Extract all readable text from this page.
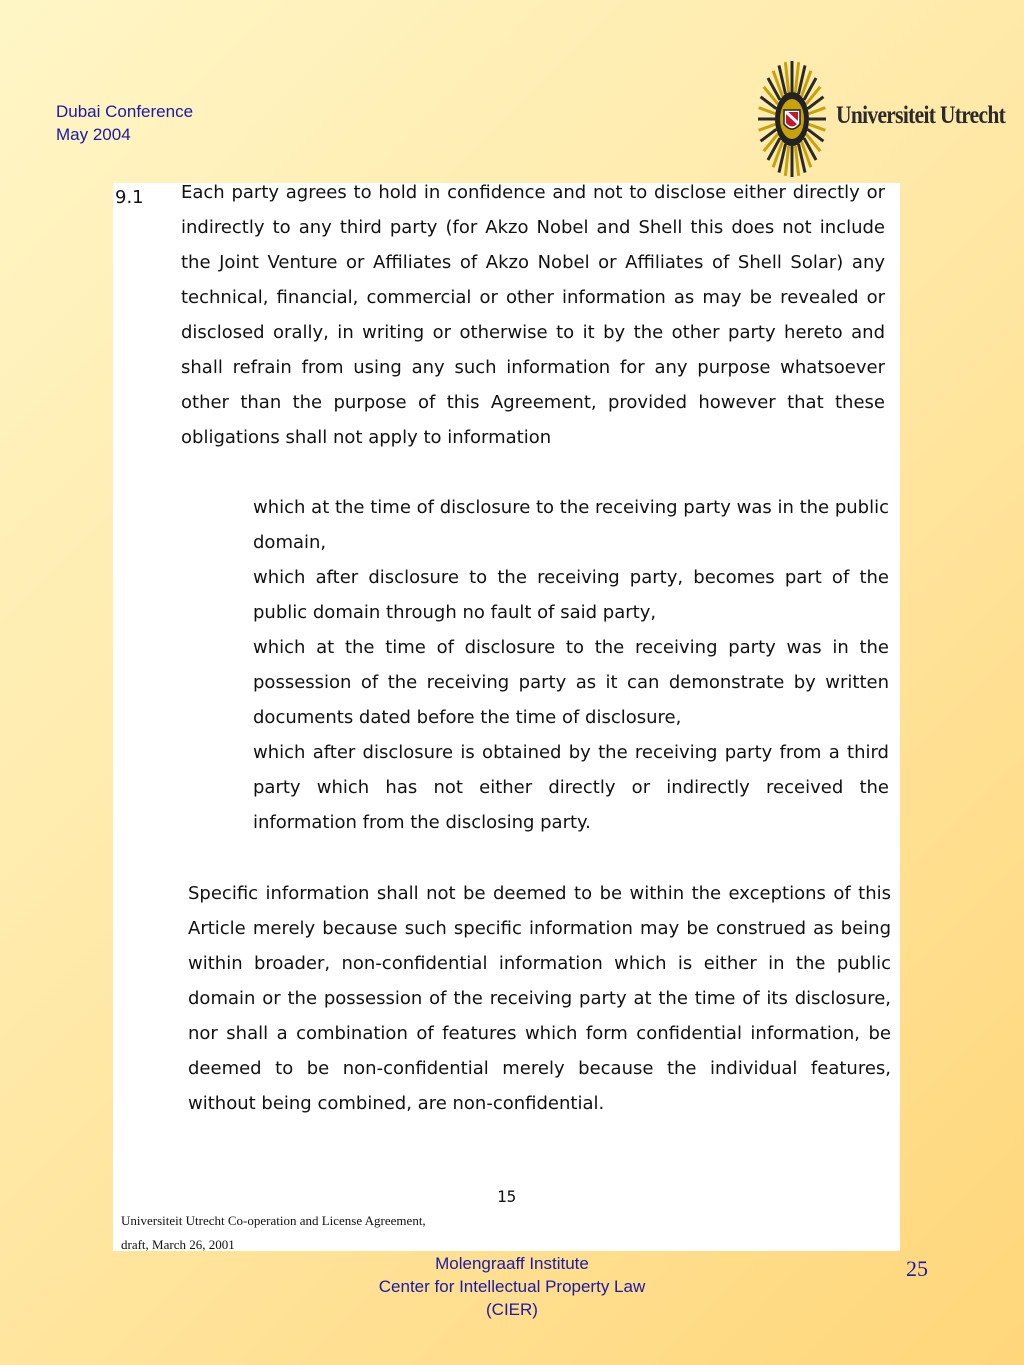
Dubai Conference
May 2004
Universiteit Utrecht
9.1 Each party agrees to hold in confidence and not to disclose either directly or indirectly to any third party (for Akzo Nobel and Shell this does not include the Joint Venture or Affiliates of Akzo Nobel or Affiliates of Shell Solar) any technical, financial, commercial or other information as may be revealed or disclosed orally, in writing or otherwise to it by the other party hereto and shall refrain from using any such information for any purpose whatsoever other than the purpose of this Agreement, provided however that these obligations shall not apply to information
which at the time of disclosure to the receiving party was in the public domain,
which after disclosure to the receiving party, becomes part of the public domain through no fault of said party,
which at the time of disclosure to the receiving party was in the possession of the receiving party as it can demonstrate by written documents dated before the time of disclosure,
which after disclosure is obtained by the receiving party from a third party which has not either directly or indirectly received the information from the disclosing party.
Specific information shall not be deemed to be within the exceptions of this Article merely because such specific information may be construed as being within broader, non-confidential information which is either in the public domain or the possession of the receiving party at the time of its disclosure, nor shall a combination of features which form confidential information, be deemed to be non-confidential merely because the individual features, without being combined, are non-confidential.
15
Universiteit Utrecht Co-operation and License Agreement,
draft, March 26, 2001
Molengraaff Institute
Center for Intellectual Property Law
(CIER)
25
